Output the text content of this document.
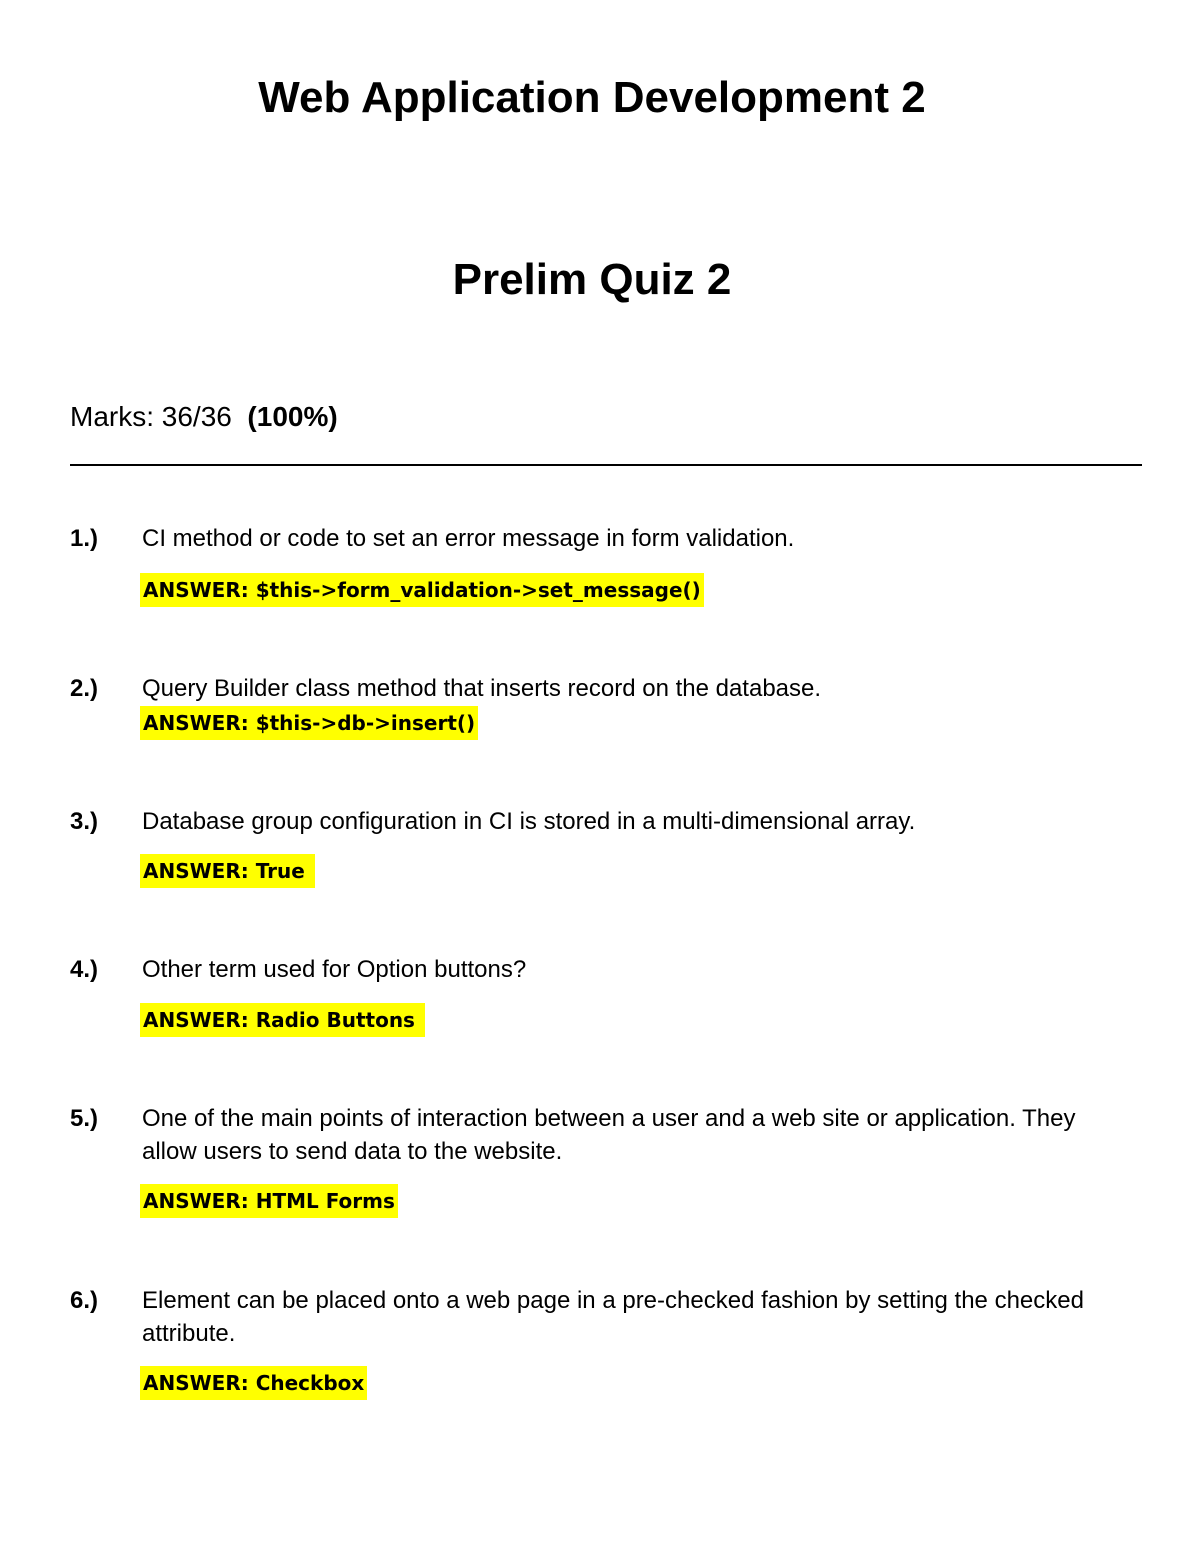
Web Application Development 2
Prelim Quiz 2
Marks: 36/36 (100%)
1.) CI method or code to set an error message in form validation.
ANSWER: $this->form_validation->set_message()
2.) Query Builder class method that inserts record on the database.
ANSWER: $this->db->insert()
3.) Database group configuration in CI is stored in a multi-dimensional array.
ANSWER: True
4.) Other term used for Option buttons?
ANSWER: Radio Buttons
5.) One of the main points of interaction between a user and a web site or application. They allow users to send data to the website.
ANSWER: HTML Forms
6.) Element can be placed onto a web page in a pre-checked fashion by setting the checked attribute.
ANSWER: Checkbox
